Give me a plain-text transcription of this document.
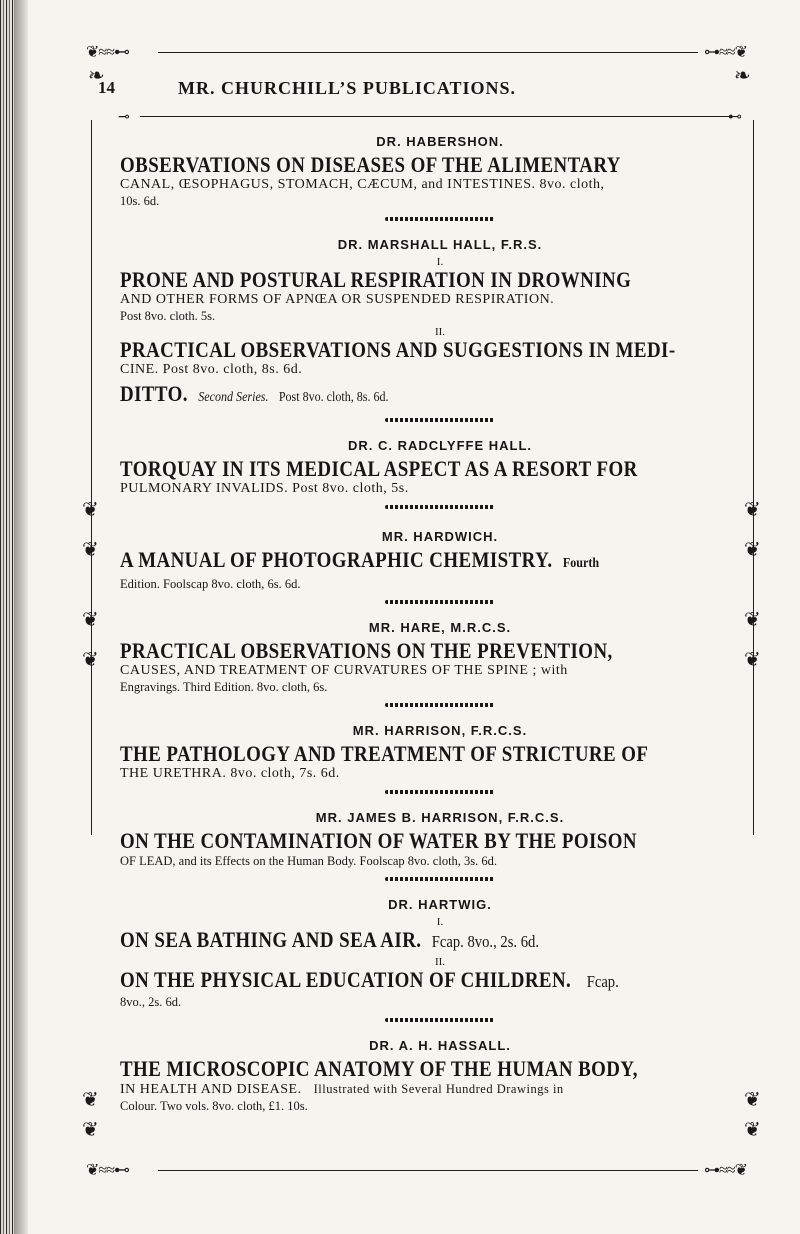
❦≈≈⊷	⊶≈≈❦
❧	❧
⊸	⊷
❦
❦
❦
❦
❦
❦
❦
❦
❦
❦
❦
❦
❦≈≈⊷	⊶≈≈❦
14	MR. CHURCHILL’S PUBLICATIONS.
DR. HABERSHON.
OBSERVATIONS ON DISEASES OF THE ALIMENTARY
CANAL, ŒSOPHAGUS, STOMACH, CÆCUM, and INTESTINES. 8vo. cloth,
10s. 6d.
DR. MARSHALL HALL, F.R.S.
I.
PRONE AND POSTURAL RESPIRATION IN DROWNING
AND OTHER FORMS OF APNŒA OR SUSPENDED RESPIRATION.
Post 8vo. cloth. 5s.
II.
PRACTICAL OBSERVATIONS AND SUGGESTIONS IN MEDI-
CINE. Post 8vo. cloth, 8s. 6d.
DITTO. Second Series. Post 8vo. cloth, 8s. 6d.
DR. C. RADCLYFFE HALL.
TORQUAY IN ITS MEDICAL ASPECT AS A RESORT FOR
PULMONARY INVALIDS. Post 8vo. cloth, 5s.
MR. HARDWICH.
A MANUAL OF PHOTOGRAPHIC CHEMISTRY. Fourth
Edition. Foolscap 8vo. cloth, 6s. 6d.
MR. HARE, M.R.C.S.
PRACTICAL OBSERVATIONS ON THE PREVENTION,
CAUSES, AND TREATMENT OF CURVATURES OF THE SPINE ; with
Engravings. Third Edition. 8vo. cloth, 6s.
MR. HARRISON, F.R.C.S.
THE PATHOLOGY AND TREATMENT OF STRICTURE OF
THE URETHRA. 8vo. cloth, 7s. 6d.
MR. JAMES B. HARRISON, F.R.C.S.
ON THE CONTAMINATION OF WATER BY THE POISON
OF LEAD, and its Effects on the Human Body. Foolscap 8vo. cloth, 3s. 6d.
DR. HARTWIG.
I.
ON SEA BATHING AND SEA AIR. Fcap. 8vo., 2s. 6d.
II.
ON THE PHYSICAL EDUCATION OF CHILDREN. Fcap.
8vo., 2s. 6d.
DR. A. H. HASSALL.
THE MICROSCOPIC ANATOMY OF THE HUMAN BODY,
IN HEALTH AND DISEASE. Illustrated with Several Hundred Drawings in
Colour. Two vols. 8vo. cloth, £1. 10s.
